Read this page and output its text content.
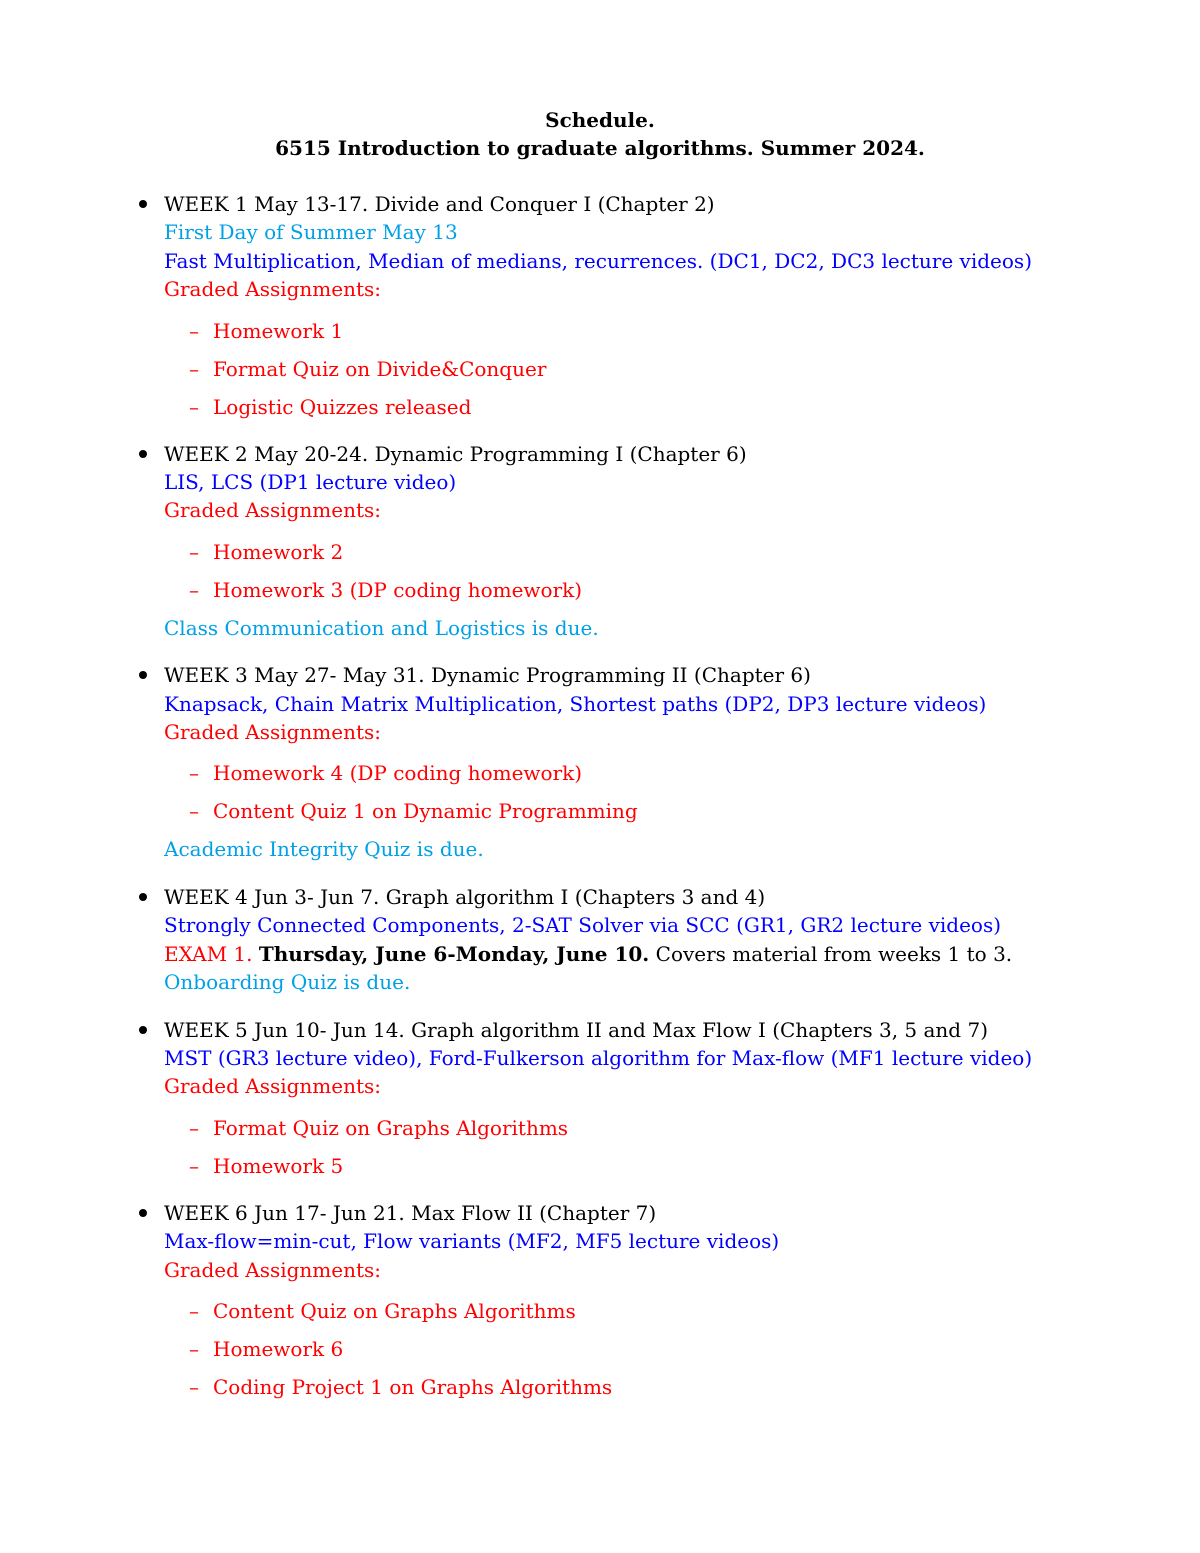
Schedule.
6515 Introduction to graduate algorithms. Summer 2024.
WEEK 1 May 13-17. Divide and Conquer I (Chapter 2)
First Day of Summer May 13
Fast Multiplication, Median of medians, recurrences. (DC1, DC2, DC3 lecture videos)
Graded Assignments:
– Homework 1
– Format Quiz on Divide&Conquer
– Logistic Quizzes released
WEEK 2 May 20-24. Dynamic Programming I (Chapter 6)
LIS, LCS (DP1 lecture video)
Graded Assignments:
– Homework 2
– Homework 3 (DP coding homework)
Class Communication and Logistics is due.
WEEK 3 May 27- May 31. Dynamic Programming II (Chapter 6)
Knapsack, Chain Matrix Multiplication, Shortest paths (DP2, DP3 lecture videos)
Graded Assignments:
– Homework 4 (DP coding homework)
– Content Quiz 1 on Dynamic Programming
Academic Integrity Quiz is due.
WEEK 4 Jun 3- Jun 7. Graph algorithm I (Chapters 3 and 4)
Strongly Connected Components, 2-SAT Solver via SCC (GR1, GR2 lecture videos)
EXAM 1. Thursday, June 6-Monday, June 10. Covers material from weeks 1 to 3.
Onboarding Quiz is due.
WEEK 5 Jun 10- Jun 14. Graph algorithm II and Max Flow I (Chapters 3, 5 and 7)
MST (GR3 lecture video), Ford-Fulkerson algorithm for Max-flow (MF1 lecture video)
Graded Assignments:
– Format Quiz on Graphs Algorithms
– Homework 5
WEEK 6 Jun 17- Jun 21. Max Flow II (Chapter 7)
Max-flow=min-cut, Flow variants (MF2, MF5 lecture videos)
Graded Assignments:
– Content Quiz on Graphs Algorithms
– Homework 6
– Coding Project 1 on Graphs Algorithms
